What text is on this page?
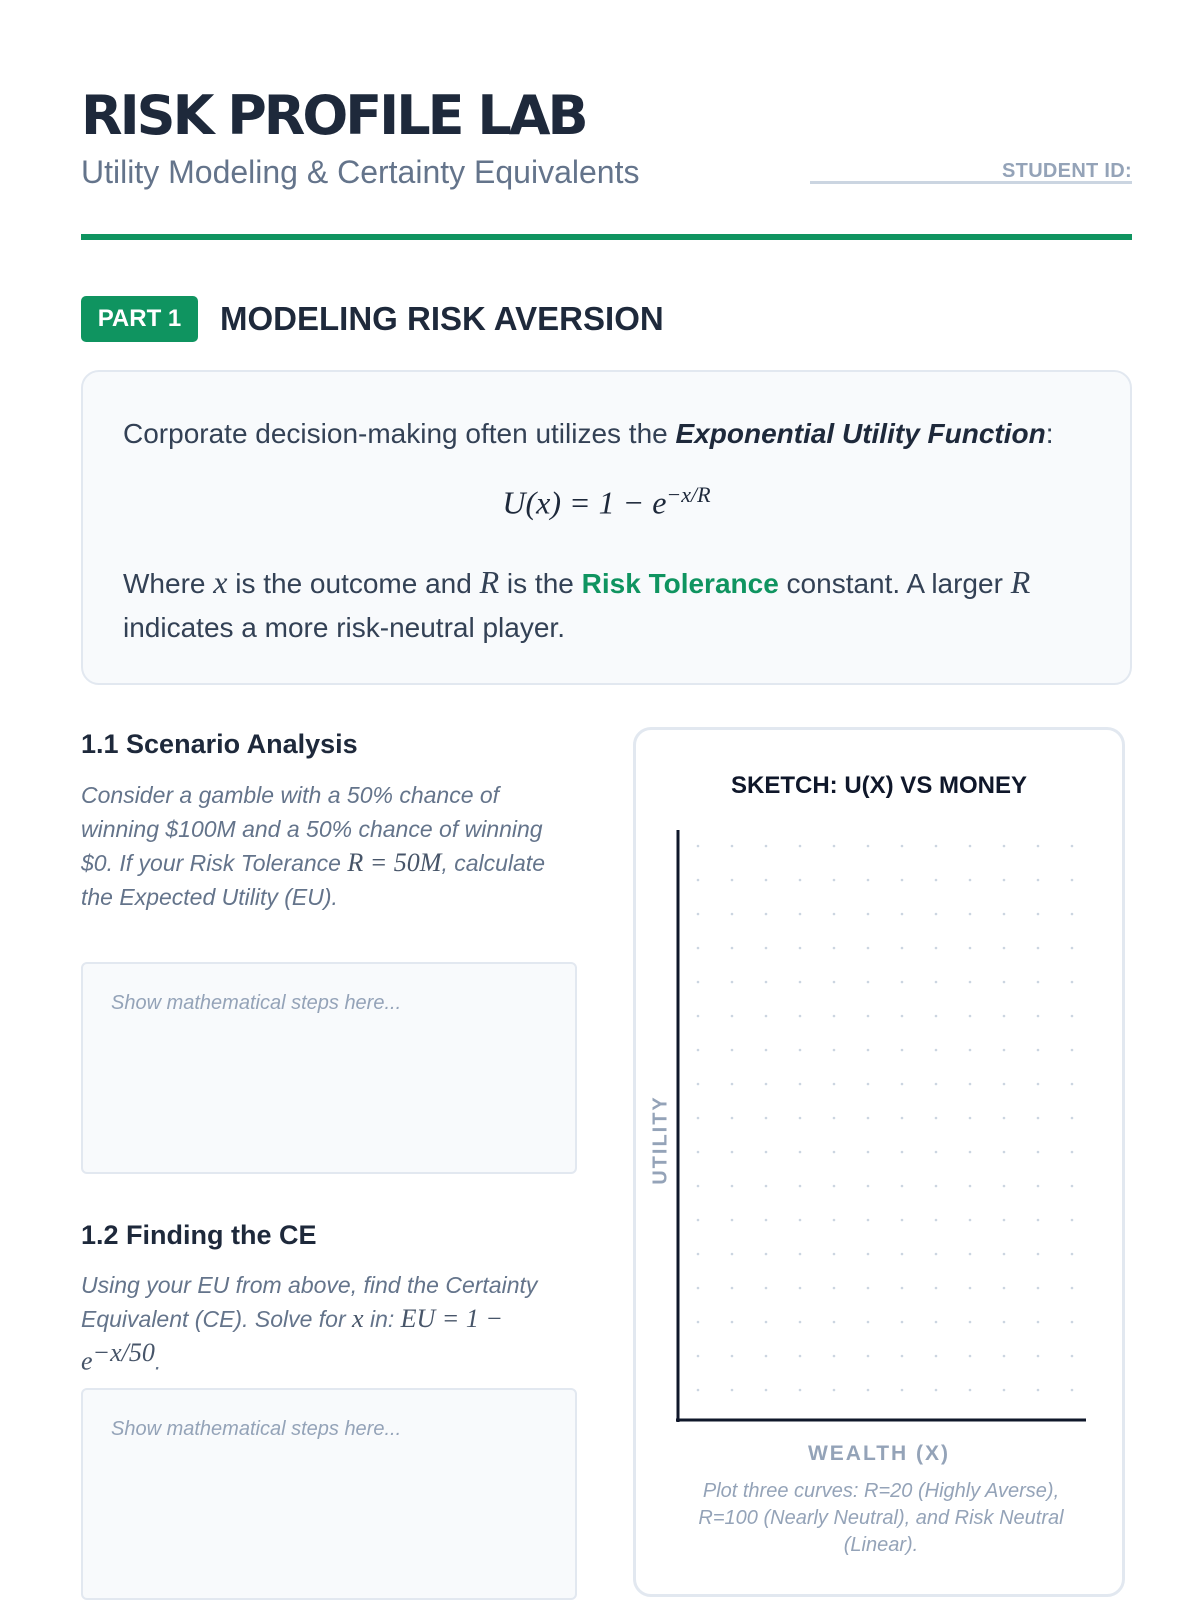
RISK PROFILE LAB
Utility Modeling & Certainty Equivalents	STUDENT ID:
PART 1	MODELING RISK AVERSION
Corporate decision-making often utilizes the Exponential Utility Function:
$U(x) = 1 - e^{-x/R}$
Where x is the outcome and R is the Risk Tolerance constant. A larger R indicates a more risk-neutral player.
1.1 Scenario Analysis
Consider a gamble with a 50% chance of winning $100M and a 50% chance of winning $0. If your Risk Tolerance R = 50M, calculate the Expected Utility (EU).
Show mathematical steps here...
1.2 Finding the CE
Using your EU from above, find the Certainty Equivalent (CE). Solve for x in: EU = $1 - e^{-x/50}$.
Show mathematical steps here...
SKETCH: U(X) VS MONEY
UTILITY
WEALTH (X)
Plot three curves: R=20 (Highly Averse), R=100 (Nearly Neutral), and Risk Neutral (Linear).
